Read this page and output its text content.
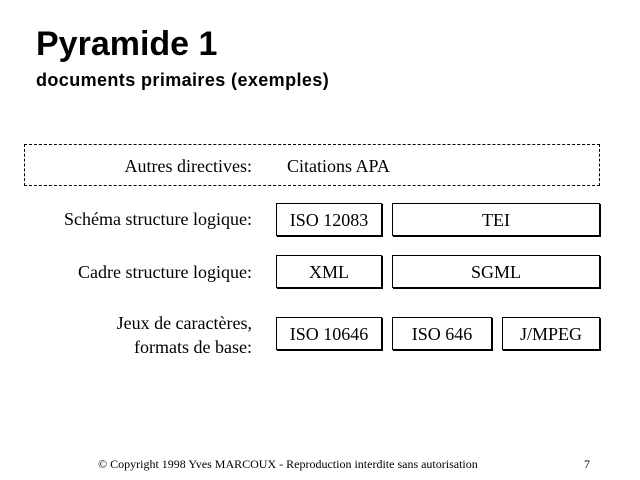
Pyramide 1
documents primaires (exemples)
Autres directives: Citations APA
Schéma structure logique:	ISO 12083	TEI
Cadre structure logique:	XML	SGML
Jeux de caractères,
formats de base:
ISO 10646	ISO 646	J/MPEG
© Copyright 1998 Yves MARCOUX - Reproduction interdite sans autorisation	7
